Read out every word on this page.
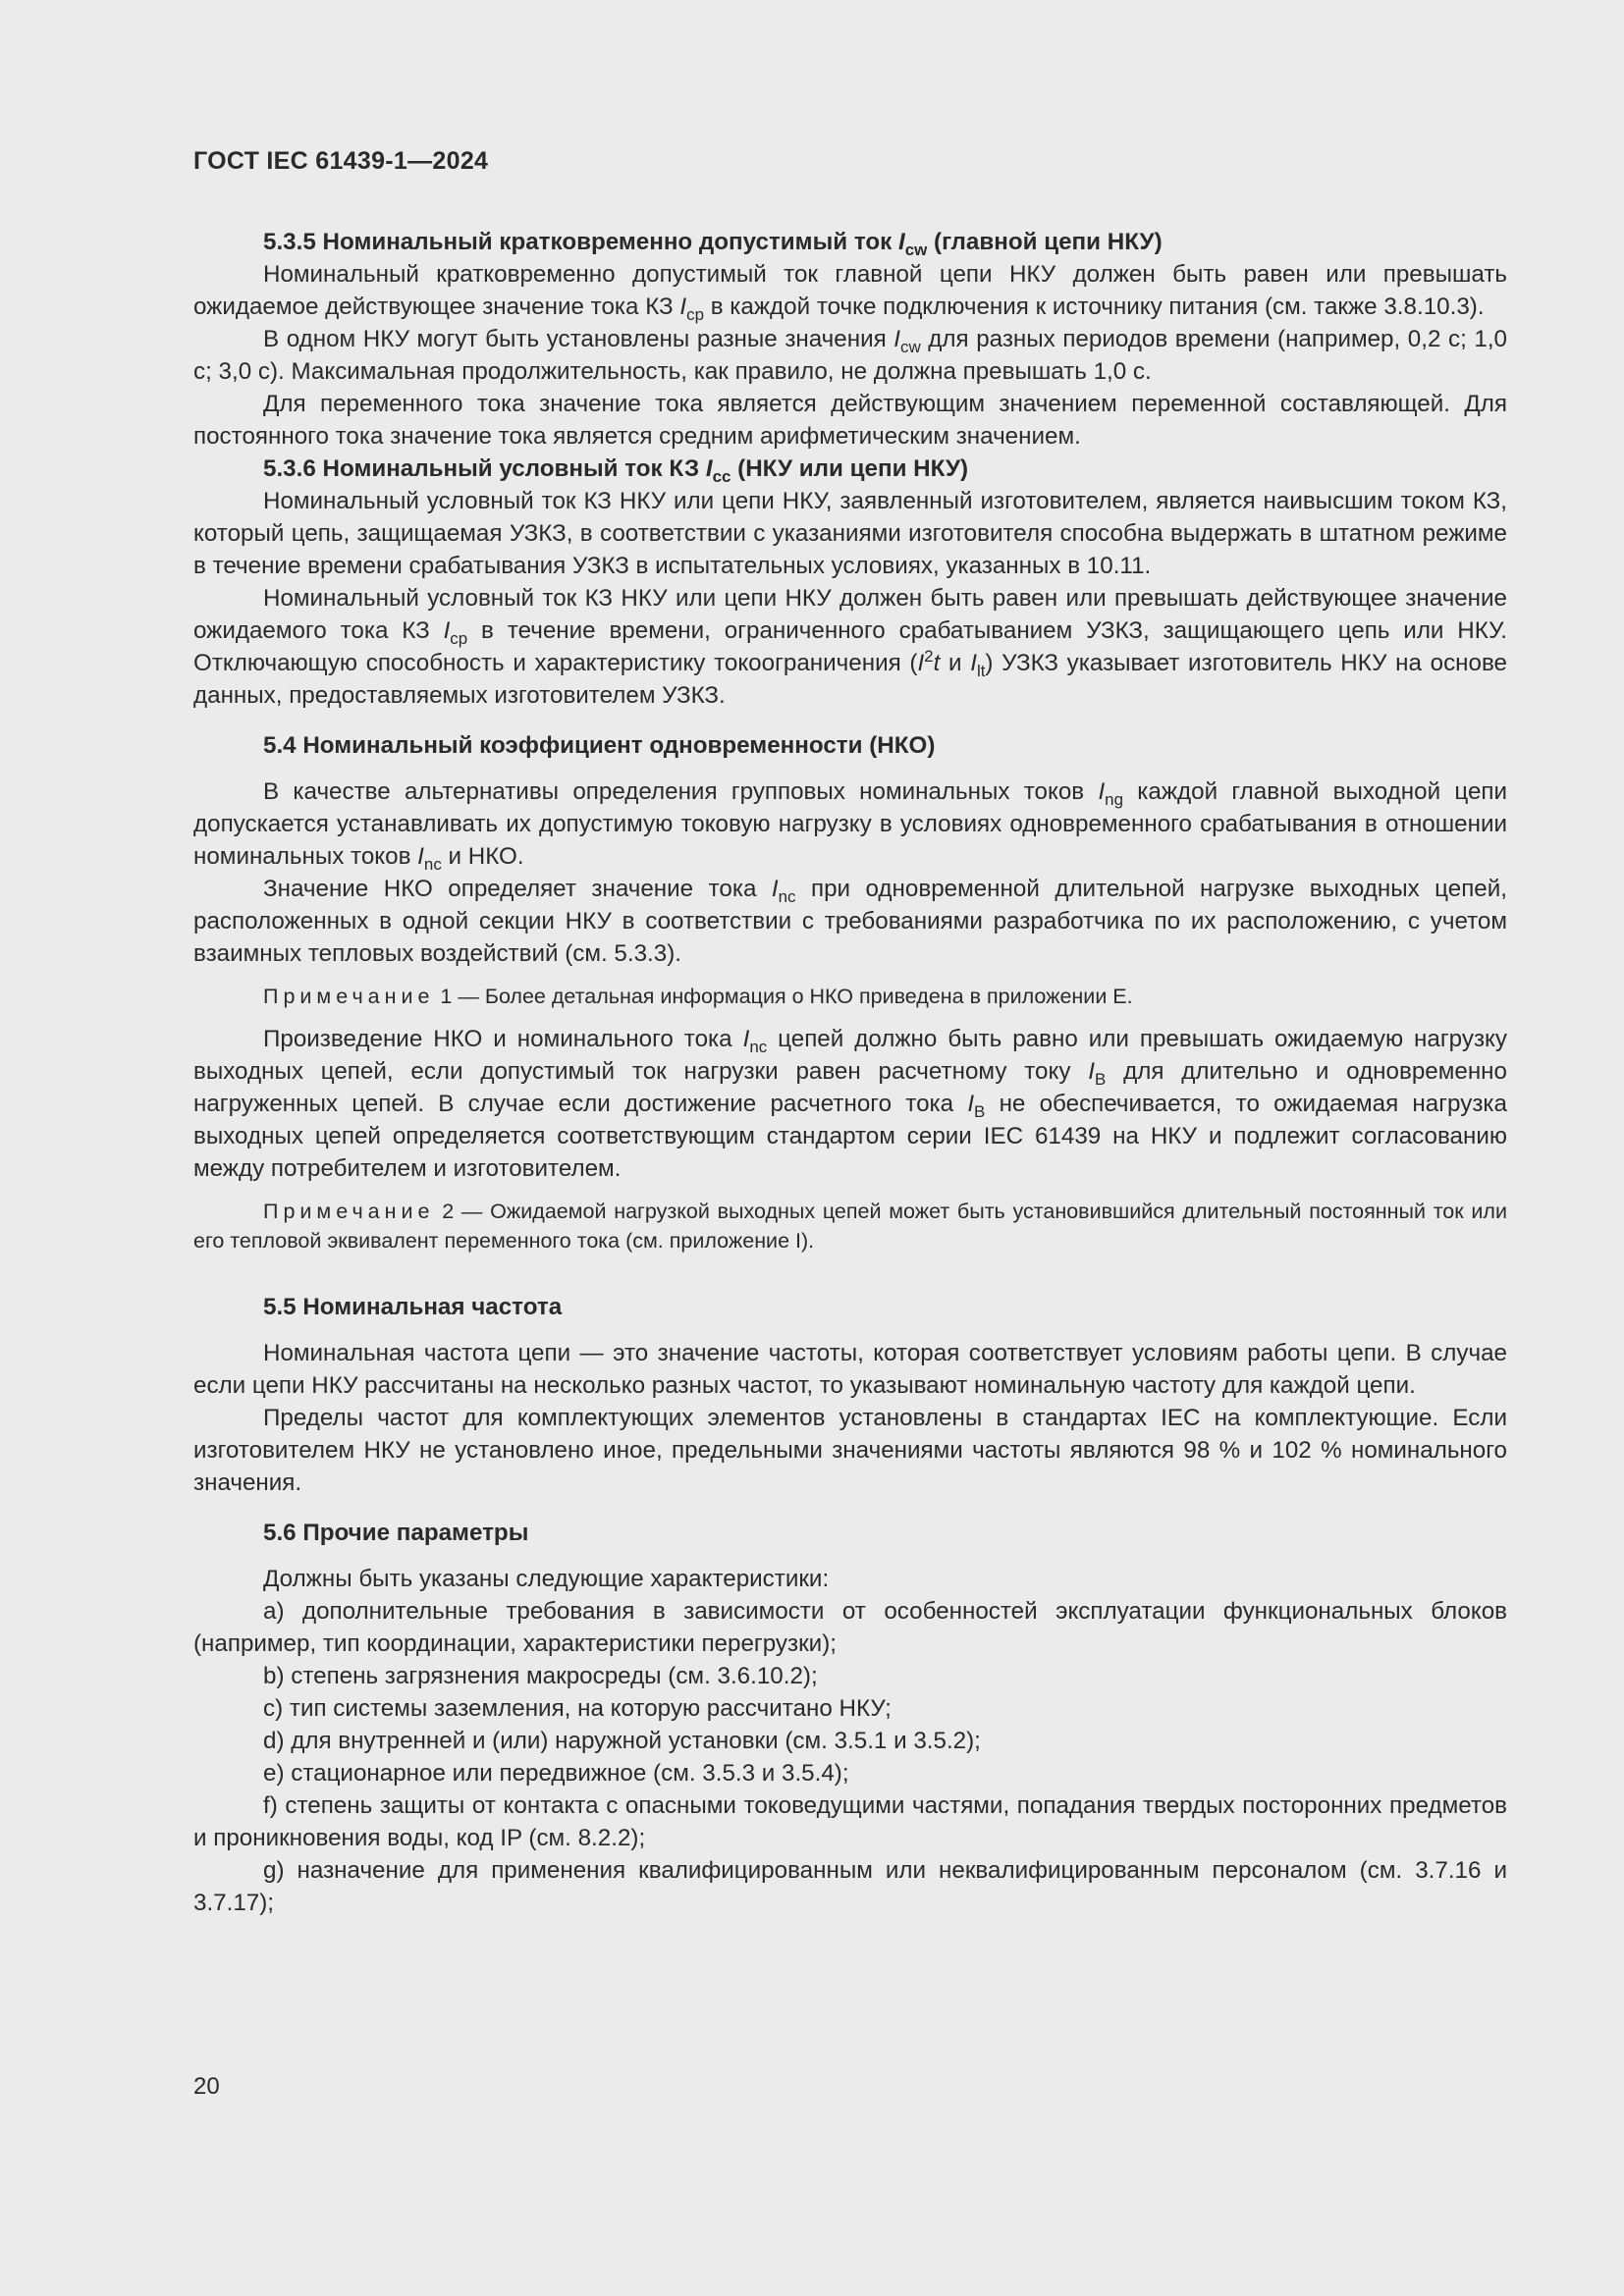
ГОСТ IEC 61439-1—2024
5.3.5 Номинальный кратковременно допустимый ток $I_{cw}$ (главной цепи НКУ)

Номинальный кратковременно допустимый ток главной цепи НКУ должен быть равен или превышать ожидаемое действующее значение тока КЗ $I_{cp}$ в каждой точке подключения к источнику питания (см. также 3.8.10.3).

В одном НКУ могут быть установлены разные значения $I_{cw}$ для разных периодов времени (например, 0,2 с; 1,0 с; 3,0 с). Максимальная продолжительность, как правило, не должна превышать 1,0 с.

Для переменного тока значение тока является действующим значением переменной составляющей. Для постоянного тока значение тока является средним арифметическим значением.

5.3.6 Номинальный условный ток КЗ $I_{cc}$ (НКУ или цепи НКУ)

Номинальный условный ток КЗ НКУ или цепи НКУ, заявленный изготовителем, является наивысшим током КЗ, который цепь, защищаемая УЗКЗ, в соответствии с указаниями изготовителя способна выдержать в штатном режиме в течение времени срабатывания УЗКЗ в испытательных условиях, указанных в 10.11.

Номинальный условный ток КЗ НКУ или цепи НКУ должен быть равен или превышать действующее значение ожидаемого тока КЗ $I_{cp}$ в течение времени, ограниченного срабатыванием УЗКЗ, защищающего цепь или НКУ. Отключающую способность и характеристику токоограничения ($I^2t$ и $I_{lt}$) УЗКЗ указывает изготовитель НКУ на основе данных, предоставляемых изготовителем УЗКЗ.

5.4 Номинальный коэффициент одновременности (НКО)

В качестве альтернативы определения групповых номинальных токов $I_{ng}$ каждой главной выходной цепи допускается устанавливать их допустимую токовую нагрузку в условиях одновременного срабатывания в отношении номинальных токов $I_{nc}$ и НКО.

Значение НКО определяет значение тока $I_{nc}$ при одновременной длительной нагрузке выходных цепей, расположенных в одной секции НКУ в соответствии с требованиями разработчика по их расположению, с учетом взаимных тепловых воздействий (см. 5.3.3).

Примечание 1 — Более детальная информация о НКО приведена в приложении E.

Произведение НКО и номинального тока $I_{nc}$ цепей должно быть равно или превышать ожидаемую нагрузку выходных цепей, если допустимый ток нагрузки равен расчетному току $I_B$ для длительно и одновременно нагруженных цепей. В случае если достижение расчетного тока $I_B$ не обеспечивается, то ожидаемая нагрузка выходных цепей определяется соответствующим стандартом серии IEC 61439 на НКУ и подлежит согласованию между потребителем и изготовителем.

Примечание 2 — Ожидаемой нагрузкой выходных цепей может быть установившийся длительный постоянный ток или его тепловой эквивалент переменного тока (см. приложение I).

5.5 Номинальная частота

Номинальная частота цепи — это значение частоты, которая соответствует условиям работы цепи. В случае если цепи НКУ рассчитаны на несколько разных частот, то указывают номинальную частоту для каждой цепи.

Пределы частот для комплектующих элементов установлены в стандартах IEC на комплектующие. Если изготовителем НКУ не установлено иное, предельными значениями частоты являются 98 % и 102 % номинального значения.

5.6 Прочие параметры

Должны быть указаны следующие характеристики:

a) дополнительные требования в зависимости от особенностей эксплуатации функциональных блоков (например, тип координации, характеристики перегрузки);

b) степень загрязнения макросреды (см. 3.6.10.2);

c) тип системы заземления, на которую рассчитано НКУ;

d) для внутренней и (или) наружной установки (см. 3.5.1 и 3.5.2);

e) стационарное или передвижное (см. 3.5.3 и 3.5.4);

f) степень защиты от контакта с опасными токоведущими частями, попадания твердых посторонних предметов и проникновения воды, код IP (см. 8.2.2);

g) назначение для применения квалифицированным или неквалифицированным персоналом (см. 3.7.16 и 3.7.17);

20
